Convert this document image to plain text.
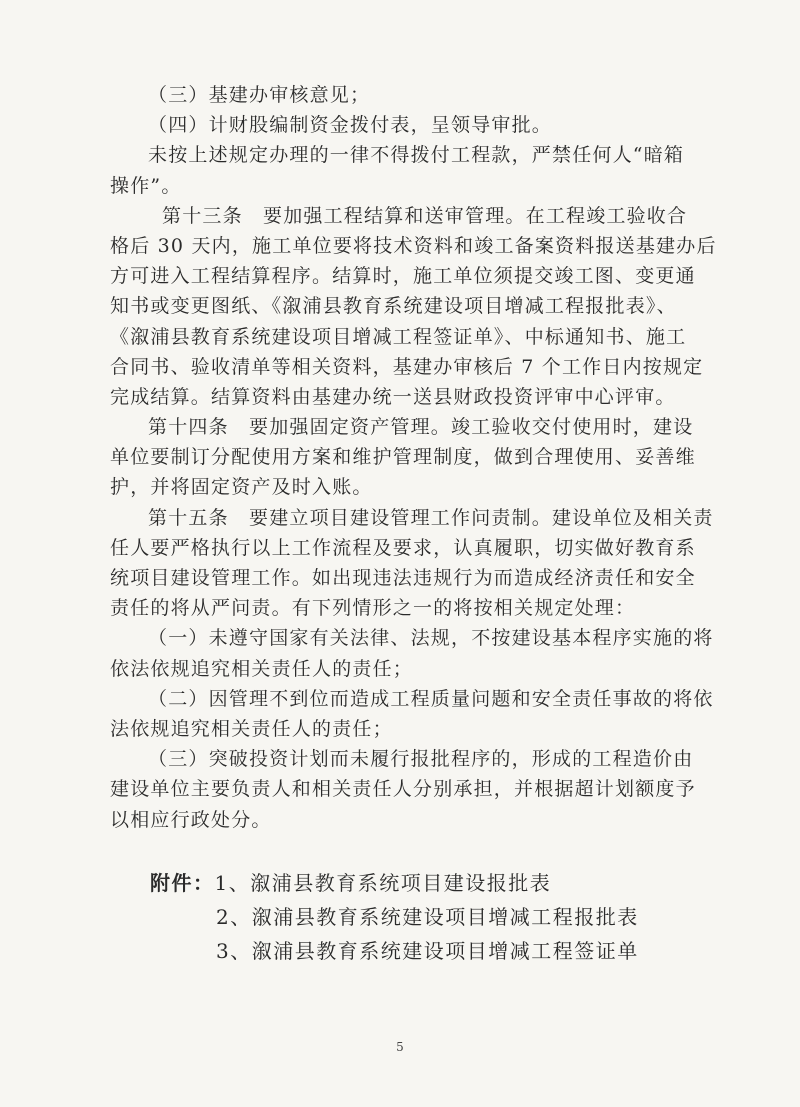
（三）基建办审核意见；
（四）计财股编制资金拨付表，呈领导审批。
未按上述规定办理的一律不得拨付工程款，严禁任何人“暗箱
操作”。
第十三条　要加强工程结算和送审管理。在工程竣工验收合
格后 30 天内，施工单位要将技术资料和竣工备案资料报送基建办后
方可进入工程结算程序。结算时，施工单位须提交竣工图、变更通
知书或变更图纸、《溆浦县教育系统建设项目增减工程报批表》、
《溆浦县教育系统建设项目增减工程签证单》、中标通知书、施工
合同书、验收清单等相关资料，基建办审核后 7 个工作日内按规定
完成结算。结算资料由基建办统一送县财政投资评审中心评审。
第十四条　要加强固定资产管理。竣工验收交付使用时，建设
单位要制订分配使用方案和维护管理制度，做到合理使用、妥善维
护，并将固定资产及时入账。
第十五条　要建立项目建设管理工作问责制。建设单位及相关责
任人要严格执行以上工作流程及要求，认真履职，切实做好教育系
统项目建设管理工作。如出现违法违规行为而造成经济责任和安全
责任的将从严问责。有下列情形之一的将按相关规定处理：
（一）未遵守国家有关法律、法规，不按建设基本程序实施的将
依法依规追究相关责任人的责任；
（二）因管理不到位而造成工程质量问题和安全责任事故的将依
法依规追究相关责任人的责任；
（三）突破投资计划而未履行报批程序的，形成的工程造价由
建设单位主要负责人和相关责任人分别承担，并根据超计划额度予
以相应行政处分。
附件：1、溆浦县教育系统项目建设报批表
2、溆浦县教育系统建设项目增减工程报批表
3、溆浦县教育系统建设项目增减工程签证单
5
